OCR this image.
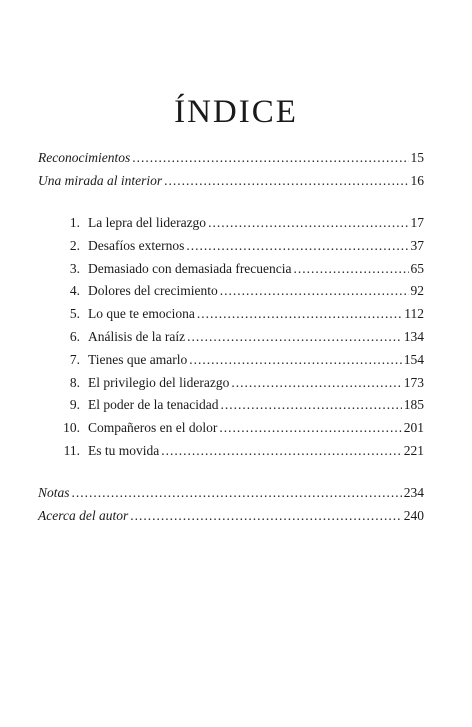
ÍNDICE
Reconocimientos .....	15
Una mirada al interior .....	16
1. La lepra del liderazgo .....	17
2. Desafíos externos .....	37
3. Demasiado con demasiada frecuencia .....	65
4. Dolores del crecimiento .....	92
5. Lo que te emociona .....	112
6. Análisis de la raíz .....	134
7. Tienes que amarlo .....	154
8. El privilegio del liderazgo .....	173
9. El poder de la tenacidad .....	185
10. Compañeros en el dolor .....	201
11. Es tu movida .....	221
Notas .....	234
Acerca del autor .....	240
